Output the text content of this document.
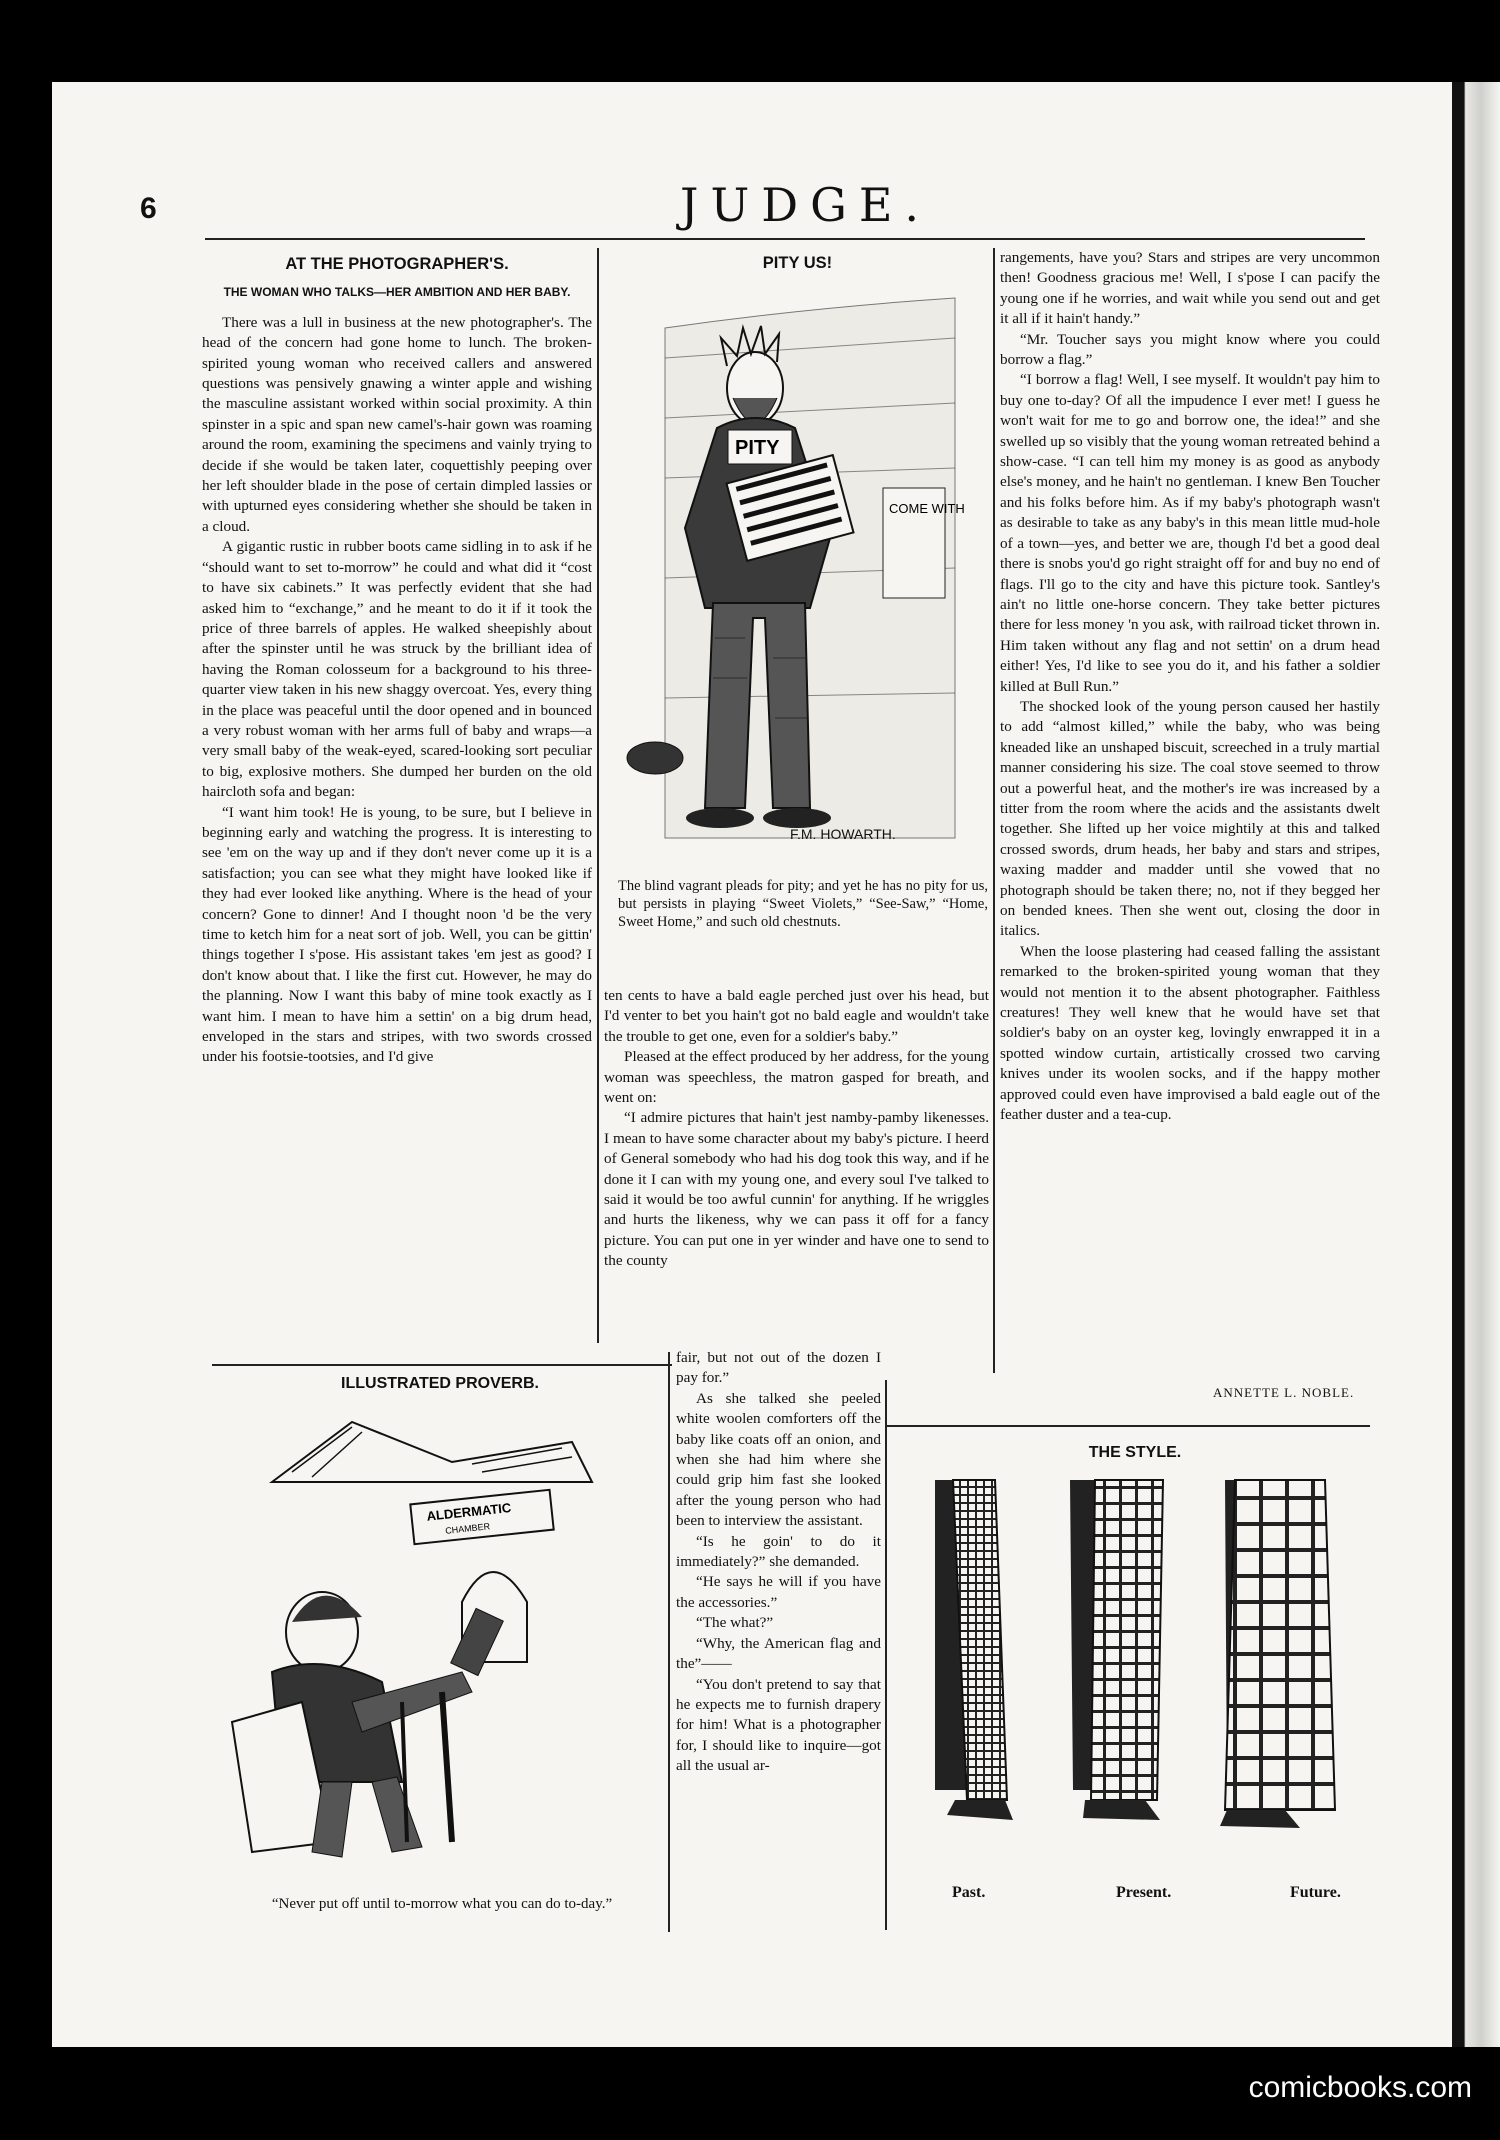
6	JUDGE.
AT THE PHOTOGRAPHER'S.
THE WOMAN WHO TALKS—HER AMBITION AND HER BABY.

There was a lull in business at the new photographer's. The head of the concern had gone home to lunch. The broken-spirited young woman who received callers and answered questions was pensively gnawing a winter apple and wishing the masculine assistant worked within social proximity. A thin spinster in a spic and span new camel's-hair gown was roaming around the room, examining the specimens and vainly trying to decide if she would be taken later, coquettishly peeping over her left shoulder blade in the pose of certain dimpled lassies or with upturned eyes considering whether she should be taken in a cloud.

A gigantic rustic in rubber boots came sidling in to ask if he “should want to set to-morrow” he could and what did it “cost to have six cabinets.” It was perfectly evident that she had asked him to “exchange,” and he meant to do it if it took the price of three barrels of apples. He walked sheepishly about after the spinster until he was struck by the brilliant idea of having the Roman colosseum for a background to his three-quarter view taken in his new shaggy overcoat. Yes, every thing in the place was peaceful until the door opened and in bounced a very robust woman with her arms full of baby and wraps—a very small baby of the weak-eyed, scared-looking sort peculiar to big, explosive mothers. She dumped her burden on the old haircloth sofa and began:

“I want him took! He is young, to be sure, but I believe in beginning early and watching the progress. It is interesting to see 'em on the way up and if they don't never come up it is a satisfaction; you can see what they might have looked like if they had ever looked like anything. Where is the head of your concern? Gone to dinner! And I thought noon 'd be the very time to ketch him for a neat sort of job. Well, you can be gittin' things together I s'pose. His assistant takes 'em jest as good? I don't know about that. I like the first cut. However, he may do the planning. Now I want this baby of mine took exactly as I want him. I mean to have him a settin' on a big drum head, enveloped in the stars and stripes, with two swords crossed under his footsie-tootsies, and I'd give

PITY US!
COME WITH
PITY
F.M. HOWARTH.
The blind vagrant pleads for pity; and yet he has no pity for us, but persists in playing “Sweet Violets,” “See-Saw,” “Home, Sweet Home,” and such old chestnuts.

ten cents to have a bald eagle perched just over his head, but I'd venter to bet you hain't got no bald eagle and wouldn't take the trouble to get one, even for a soldier's baby.”

Pleased at the effect produced by her address, for the young woman was speechless, the matron gasped for breath, and went on:

“I admire pictures that hain't jest namby-pamby likenesses. I mean to have some character about my baby's picture. I heerd of General somebody who had his dog took this way, and if he done it I can with my young one, and every soul I've talked to said it would be too awful cunnin' for anything. If he wriggles and hurts the likeness, why we can pass it off for a fancy picture. You can put one in yer winder and have one to send to the county

fair, but not out of the dozen I pay for.”

As she talked she peeled white woolen comforters off the baby like coats off an onion, and when she had him where she could grip him fast she looked after the young person who had been to interview the assistant.

“Is he goin' to do it immediately?” she demanded.

“He says he will if you have the accessories.”

“The what?”

“Why, the American flag and the”——

“You don't pretend to say that he expects me to furnish drapery for him! What is a photographer for, I should like to inquire—got all the usual ar-

rangements, have you? Stars and stripes are very uncommon then! Goodness gracious me! Well, I s'pose I can pacify the young one if he worries, and wait while you send out and get it all if it hain't handy.”

“Mr. Toucher says you might know where you could borrow a flag.”

“I borrow a flag! Well, I see myself. It wouldn't pay him to buy one to-day? Of all the impudence I ever met! I guess he won't wait for me to go and borrow one, the idea!” and she swelled up so visibly that the young woman retreated behind a show-case. “I can tell him my money is as good as anybody else's money, and he hain't no gentleman. I knew Ben Toucher and his folks before him. As if my baby's photograph wasn't as desirable to take as any baby's in this mean little mud-hole of a town—yes, and better we are, though I'd bet a good deal there is snobs you'd go right straight off for and buy no end of flags. I'll go to the city and have this picture took. Santley's ain't no little one-horse concern. They take better pictures there for less money 'n you ask, with railroad ticket thrown in. Him taken without any flag and not settin' on a drum head either! Yes, I'd like to see you do it, and his father a soldier killed at Bull Run.”

The shocked look of the young person caused her hastily to add “almost killed,” while the baby, who was being kneaded like an unshaped biscuit, screeched in a truly martial manner considering his size. The coal stove seemed to throw out a powerful heat, and the mother's ire was increased by a titter from the room where the acids and the assistants dwelt together. She lifted up her voice mightily at this and talked crossed swords, drum heads, her baby and stars and stripes, waxing madder and madder until she vowed that no photograph should be taken there; no, not if they begged her on bended knees. Then she went out, closing the door in italics.

When the loose plastering had ceased falling the assistant remarked to the broken-spirited young woman that they would not mention it to the absent photographer. Faithless creatures! They well knew that he would have set that soldier's baby on an oyster keg, lovingly enwrapped it in a spotted window curtain, artistically crossed two carving knives under its woolen socks, and if the happy mother approved could even have improvised a bald eagle out of the feather duster and a tea-cup.

ANNETTE L. NOBLE.
ILLUSTRATED PROVERB.
ALDERMATIC
CHAMBER
“Never put off until to-morrow what you can do to-day.”
THE STYLE.
Past.	Present.	Future.
comicbooks.com
